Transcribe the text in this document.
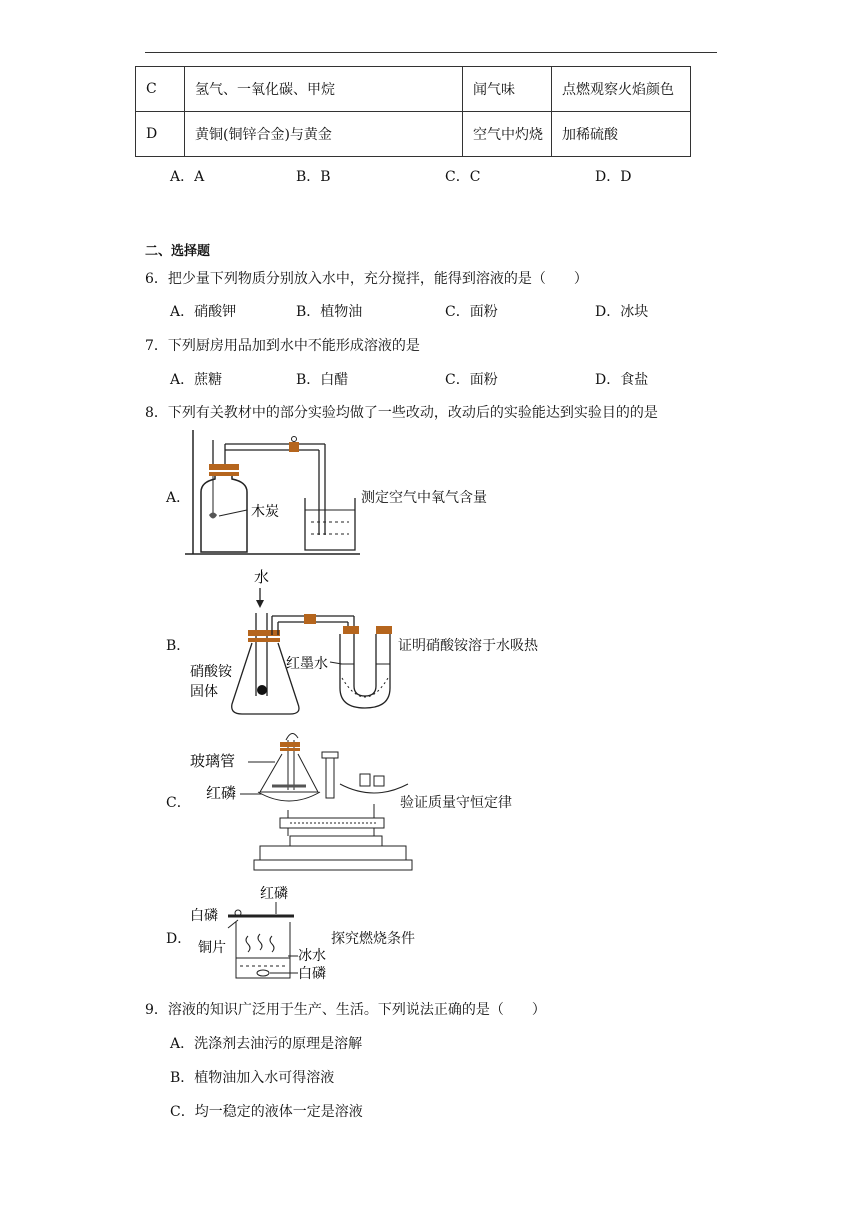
C	氢气、一氧化碳、甲烷	闻气味	点燃观察火焰颜色
D	黄铜(铜锌合金)与黄金	空气中灼烧	加稀硫酸
A．A	B．B	C．C	D．D
二、选择题
6．把少量下列物质分别放入水中，充分搅拌，能得到溶液的是（　　）
A．硝酸钾	B．植物油	C．面粉	D．冰块
7．下列厨房用品加到水中不能形成溶液的是
A．蔗糖	B．白醋	C．面粉	D．食盐
8．下列有关教材中的部分实验均做了一些改动，改动后的实验能达到实验目的的是
A．
木炭
测定空气中氧气含量
B．
水
红墨水
硝酸铵
固体
证明硝酸铵溶于水吸热
C．
玻璃管
红磷
验证质量守恒定律
D．
红磷
白磷
铜片	冰水
白磷
探究燃烧条件
9．溶液的知识广泛用于生产、生活。下列说法正确的是（　　）
A．洗涤剂去油污的原理是溶解
B．植物油加入水可得溶液
C．均一稳定的液体一定是溶液
